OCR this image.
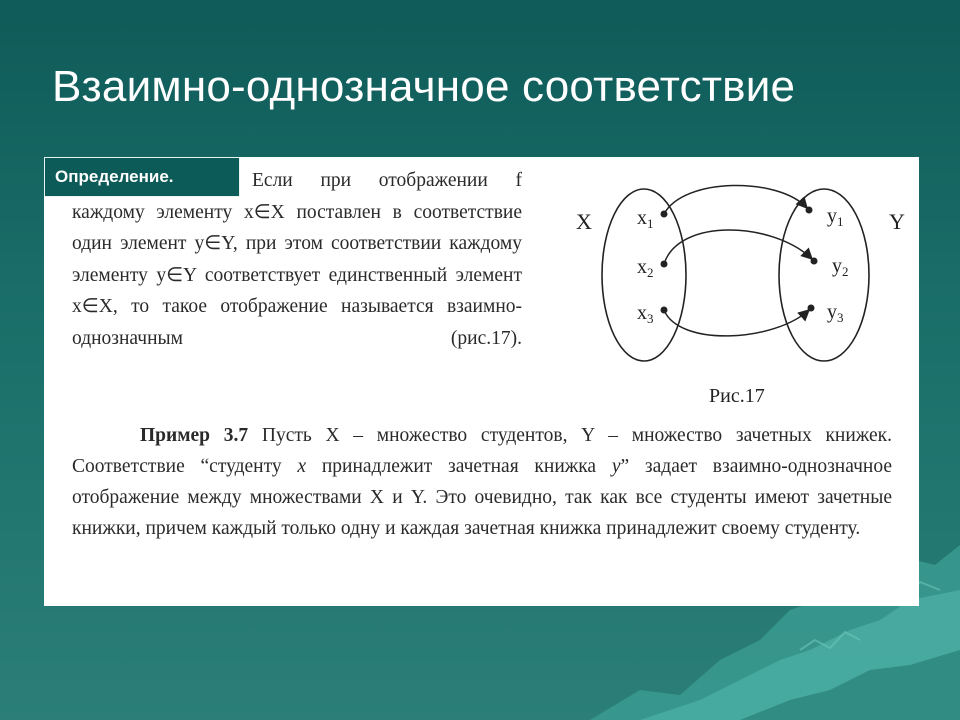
Взаимно-однозначное соответствие

Если при отображении f каждому элементу x∈X поставлен в соответствие один элемент y∈Y, при этом соответствии каждому элементу y∈Y соответствует единственный элемент x∈X, то такое отображение называется взаимно-однозначным	(рис.17).

Определение.
X	Y
$x_1$
$x_2$
$x_3$
$y_1$
$y_2$
$y_3$
Рис.17

Пример 3.7 Пусть X – множество студентов, Y – множество зачетных книжек. Соответствие “студенту x принадлежит зачетная книжка y” задает взаимно-однозначное отображение между множествами X и Y. Это очевидно, так как все студенты имеют зачетные книжки, причем каждый только одну и каждая зачетная книжка принадлежит своему студенту.
